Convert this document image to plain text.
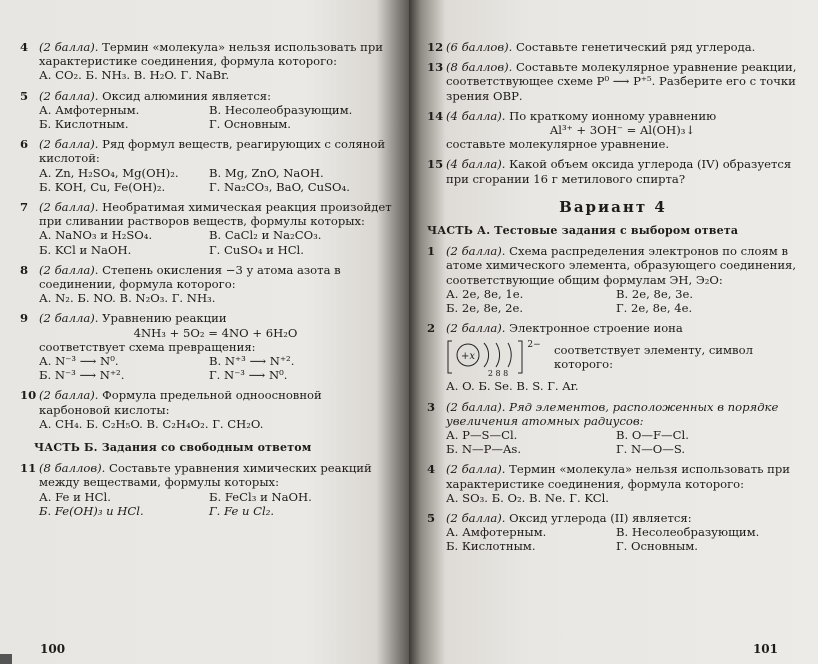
4 (2 балла). Термин «молекула» нельзя использовать при характеристике соединения, формула которого:

А. CO₂. Б. NH₃. В. H₂O. Г. NaBr.

5 (2 балла). Оксид алюминия является:

А. Амфотерным.	В. Несолеобразующим.
Б. Кислотным.	Г. Основным.
6 (2 балла). Ряд формул веществ, реагирующих с соляной кислотой:

А. Zn, H₂SO₄, Mg(OH)₂.	В. Mg, ZnO, NaOH.
Б. KOH, Cu, Fe(OH)₂.	Г. Na₂CO₃, BaO, CuSO₄.
7 (2 балла). Необратимая химическая реакция произойдет при сливании растворов веществ, формулы которых:

А. NaNO₃ и H₂SO₄.	В. CaCl₂ и Na₂CO₃.
Б. KCl и NaOH.	Г. CuSO₄ и HCl.
8 (2 балла). Степень окисления −3 у атома азота в соединении, формула которого:

А. N₂. Б. NO. В. N₂O₃. Г. NH₃.

9 (2 балла). Уравнению реакции

4NH₃ + 5O₂ = 4NO + 6H₂O

соответствует схема превращения:

А. N⁻³ ⟶ N⁰.	В. N⁺³ ⟶ N⁺².
Б. N⁻³ ⟶ N⁺².	Г. N⁻³ ⟶ N⁰.
10 (2 балла). Формула предельной одноосновной карбоновой кислоты:

А. CH₄. Б. C₂H₅O. В. C₂H₄O₂. Г. CH₂O.

ЧАСТЬ Б. Задания со свободным ответом
11 (8 баллов). Составьте уравнения химических реакций между веществами, формулы которых:

А. Fe и HCl.	Б. FeCl₃ и NaOH.
Б. Fe(OH)₃ и HCl.	Г. Fe и Cl₂.
100
12 (6 баллов). Составьте генетический ряд углерода.

13 (8 баллов). Составьте молекулярное уравнение реакции, соответствующее схеме P⁰ ⟶ P⁺⁵. Разберите его с точки зрения ОВР.

14 (4 балла). По краткому ионному уравнению

Al³⁺ + 3OH⁻ = Al(OH)₃↓

составьте молекулярное уравнение.

15 (4 балла). Какой объем оксида углерода (IV) образуется при сгорании 16 г метилового спирта?

Вариант 4
ЧАСТЬ А. Тестовые задания с выбором ответа
1 (2 балла). Схема распределения электронов по слоям в атоме химического элемента, образующего соединения, соответствующие общим формулам ЭН, Э₂О:

А. 2е, 8е, 1е.	В. 2е, 8е, 3е.
Б. 2е, 8е, 2е.	Г. 2е, 8е, 4е.
2 (2 балла). Электронное строение иона

+x
2 8 8
2− соответствует элементу, символ которого:

А. O. Б. Se. В. S. Г. Ar.

3 (2 балла). Ряд элементов, расположенных в порядке увеличения атомных радиусов:

А. P—S—Cl.	В. O—F—Cl.
Б. N—P—As.	Г. N—O—S.
4 (2 балла). Термин «молекула» нельзя использовать при характеристике соединения, формула которого:

А. SO₃. Б. O₂. В. Ne. Г. KCl.

5 (2 балла). Оксид углерода (II) является:

А. Амфотерным.	В. Несолеобразующим.
Б. Кислотным.	Г. Основным.
101
